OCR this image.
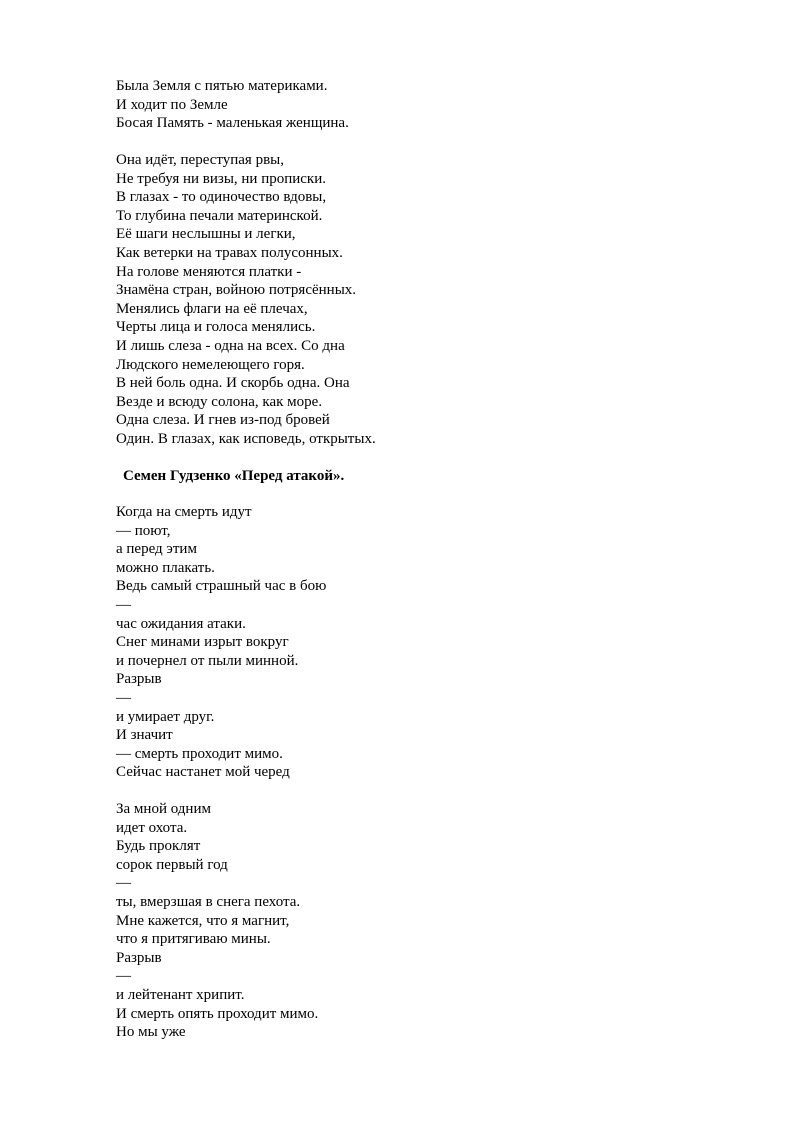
Была Земля с пятью материками.
И ходит по Земле
Босая Память - маленькая женщина.
Она идёт, переступая рвы,
Не требуя ни визы, ни прописки.
В глазах - то одиночество вдовы,
То глубина печали материнской.
Её шаги неслышны и легки,
Как ветерки на травах полусонных.
На голове меняются платки -
Знамёна стран, войною потрясённых.
Менялись флаги на её плечах,
Черты лица и голоса менялись.
И лишь слеза - одна на всех. Со дна
Людского немелеющего горя.
В ней боль одна. И скорбь одна. Она
Везде и всюду солона, как море.
Одна слеза. И гнев из-под бровей
Один. В глазах, как исповедь, открытых.
Семен Гудзенко «Перед атакой».
Когда на смерть идут
— поют,
а перед этим
можно плакать.
Ведь самый страшный час в бою
—
час ожидания атаки.
Снег минами изрыт вокруг
и почернел от пыли минной.
Разрыв
—
и умирает друг.
И значит
— смерть проходит мимо.
Сейчас настанет мой черед
За мной одним
идет охота.
Будь проклят
сорок первый год
—
ты, вмерзшая в снега пехота.
Мне кажется, что я магнит,
что я притягиваю мины.
Разрыв
—
и лейтенант хрипит.
И смерть опять проходит мимо.
Но мы уже
